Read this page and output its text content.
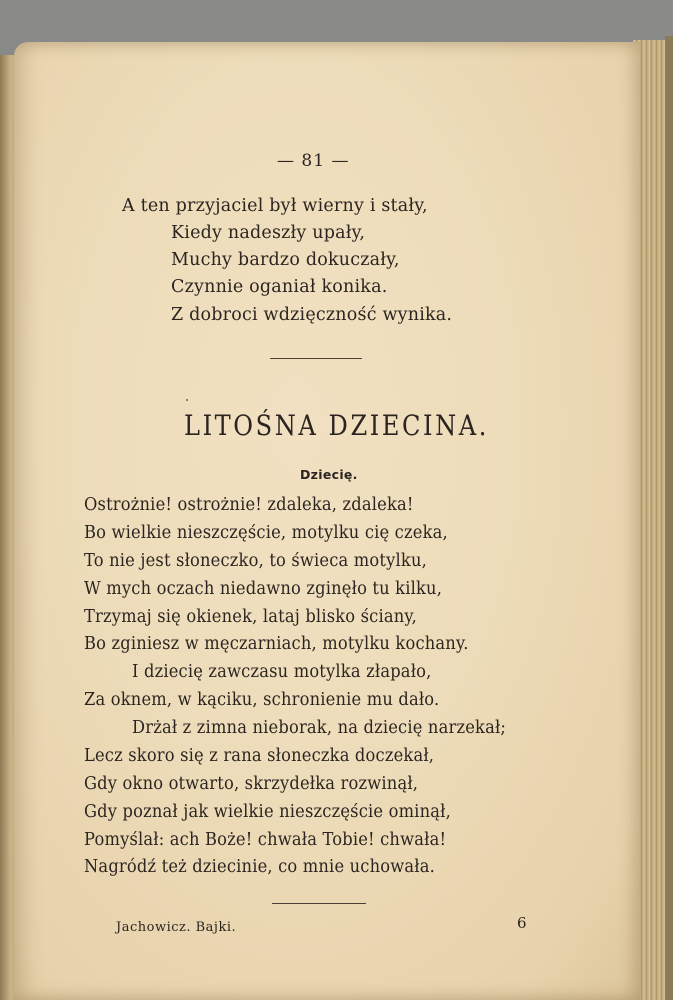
— 81 —
A ten przyjaciel był wierny i stały,
Kiedy nadeszły upały,
Muchy bardzo dokuczały,
Czynnie oganiał konika.
Z dobroci wdzięczność wynika.
LITOŚNA DZIECINA.
Dziecię.
Ostrożnie! ostrożnie! zdaleka, zdaleka!
Bo wielkie nieszczęście, motylku cię czeka,
To nie jest słoneczko, to świeca motylku,
W mych oczach niedawno zginęło tu kilku,
Trzymaj się okienek, lataj blisko ściany,
Bo zginiesz w męczarniach, motylku kochany.
I dziecię zawczasu motylka złapało,
Za oknem, w kąciku, schronienie mu dało.
Drżał z zimna nieborak, na dziecię narzekał;
Lecz skoro się z rana słoneczka doczekał,
Gdy okno otwarto, skrzydełka rozwinął,
Gdy poznał jak wielkie nieszczęście ominął,
Pomyślał: ach Boże! chwała Tobie! chwała!
Nagródź też dziecinie, co mnie uchowała.
Jachowicz. Bajki.	6
